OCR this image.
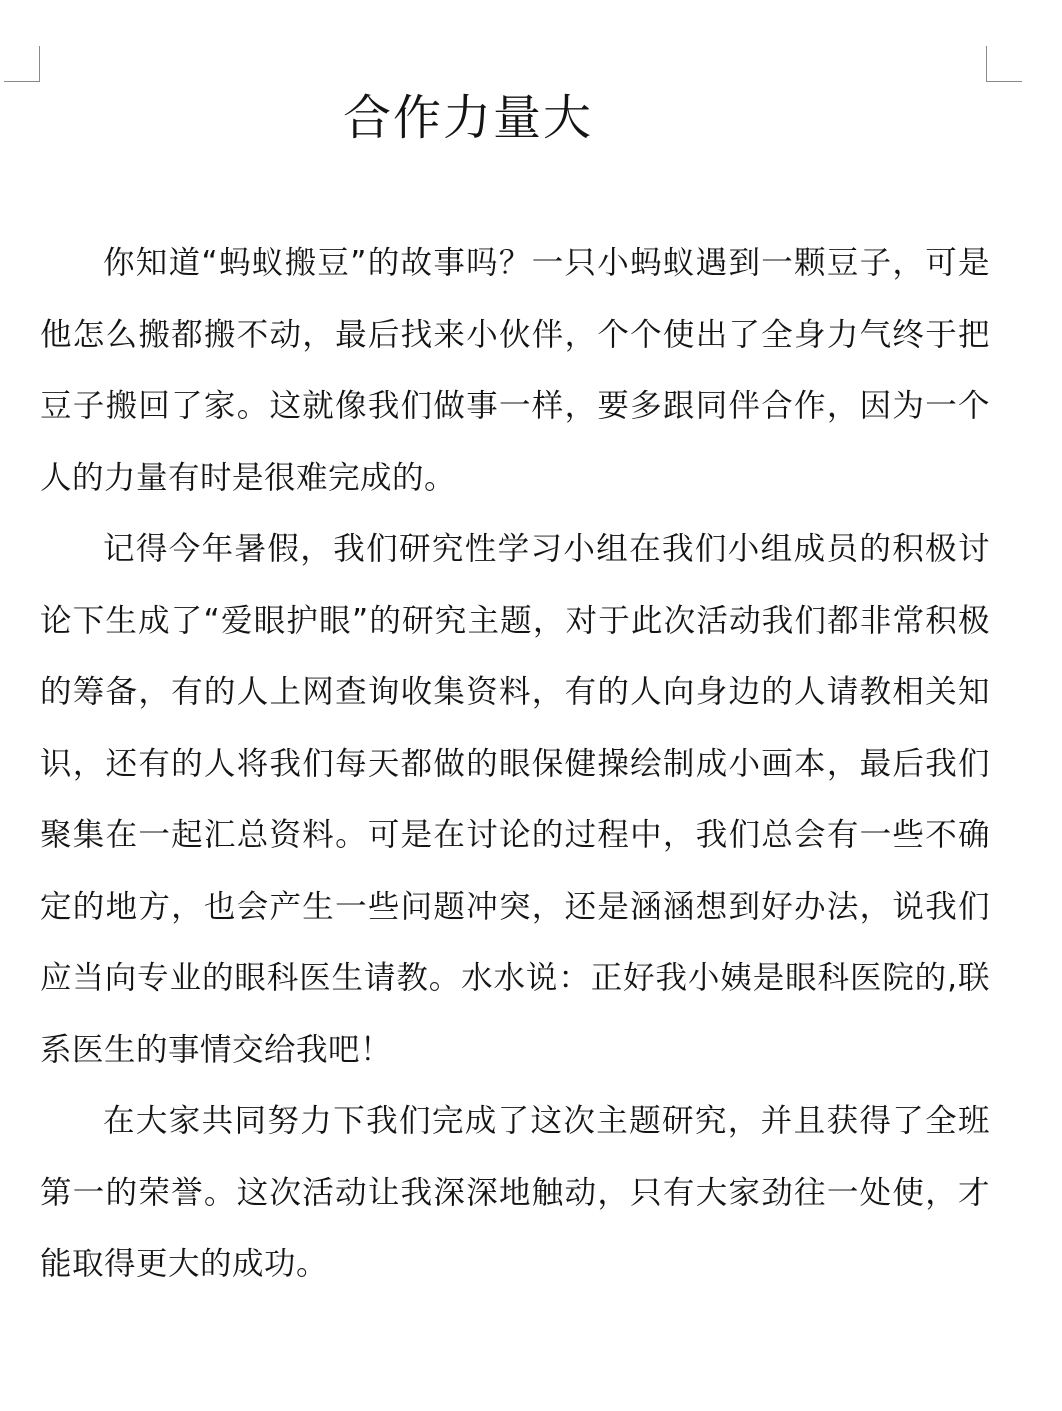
合作力量大

你知道“蚂蚁搬豆”的故事吗？一只小蚂蚁遇到一颗豆子，可是他怎么搬都搬不动，最后找来小伙伴，个个使出了全身力气终于把豆子搬回了家。这就像我们做事一样，要多跟同伴合作，因为一个人的力量有时是很难完成的。

记得今年暑假，我们研究性学习小组在我们小组成员的积极讨论下生成了“爱眼护眼”的研究主题，对于此次活动我们都非常积极的筹备，有的人上网查询收集资料，有的人向身边的人请教相关知识，还有的人将我们每天都做的眼保健操绘制成小画本，最后我们聚集在一起汇总资料。可是在讨论的过程中，我们总会有一些不确定的地方，也会产生一些问题冲突，还是涵涵想到好办法，说我们应当向专业的眼科医生请教。水水说：正好我小姨是眼科医院的,联系医生的事情交给我吧！

在大家共同努力下我们完成了这次主题研究，并且获得了全班第一的荣誉。这次活动让我深深地触动，只有大家劲往一处使，才能取得更大的成功。
